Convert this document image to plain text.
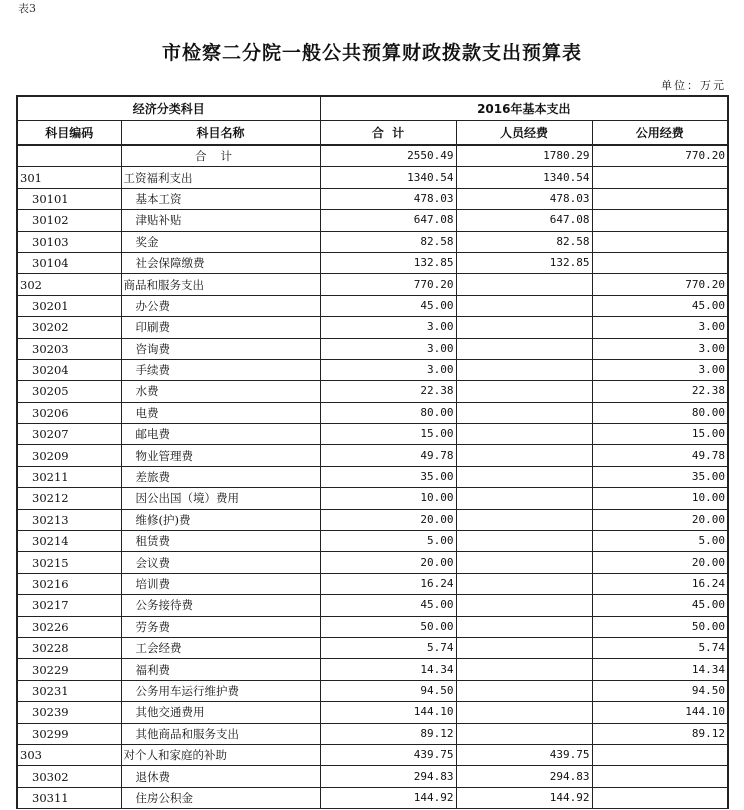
表3
市检察二分院一般公共预算财政拨款支出预算表
单位：万元
经济分类科目		2016年基本支出		
科目编码	科目名称	合  计	人员经费	公用经费
	合计	2550.49	1780.29	770.20
301	工资福利支出	1340.54	1340.54	
30101	基本工资	478.03	478.03	
30102	津贴补贴	647.08	647.08	
30103	奖金	82.58	82.58	
30104	社会保障缴费	132.85	132.85	
302	商品和服务支出	770.20		770.20
30201	办公费	45.00		45.00
30202	印刷费	3.00		3.00
30203	咨询费	3.00		3.00
30204	手续费	3.00		3.00
30205	水费	22.38		22.38
30206	电费	80.00		80.00
30207	邮电费	15.00		15.00
30209	物业管理费	49.78		49.78
30211	差旅费	35.00		35.00
30212	因公出国（境）费用	10.00		10.00
30213	维修(护)费	20.00		20.00
30214	租赁费	5.00		5.00
30215	会议费	20.00		20.00
30216	培训费	16.24		16.24
30217	公务接待费	45.00		45.00
30226	劳务费	50.00		50.00
30228	工会经费	5.74		5.74
30229	福利费	14.34		14.34
30231	公务用车运行维护费	94.50		94.50
30239	其他交通费用	144.10		144.10
30299	其他商品和服务支出	89.12		89.12
303	对个人和家庭的补助	439.75	439.75	
30302	退休费	294.83	294.83	
30311	住房公积金	144.92	144.92	
